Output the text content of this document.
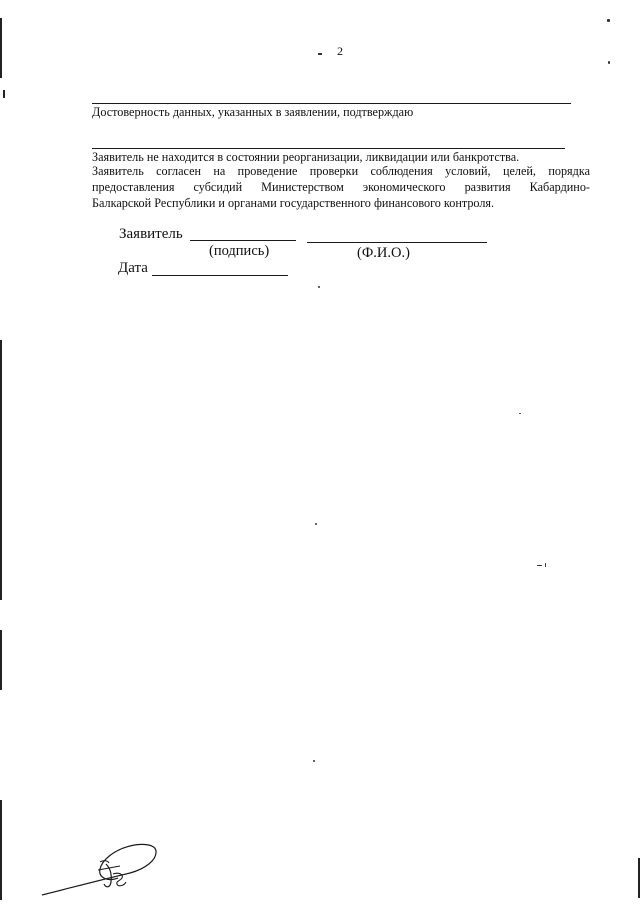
2
Достоверность данных, указанных в заявлении, подтверждаю
Заявитель не находится в состоянии реорганизации, ликвидации или банкротства.
Заявитель согласен на проведение проверки соблюдения условий, целей, порядка
предоставления субсидий Министерством экономического развития Кабардино-
Балкарской Республики и органами государственного финансового контроля.
Заявитель
(подпись)	(Ф.И.О.)
Дата
